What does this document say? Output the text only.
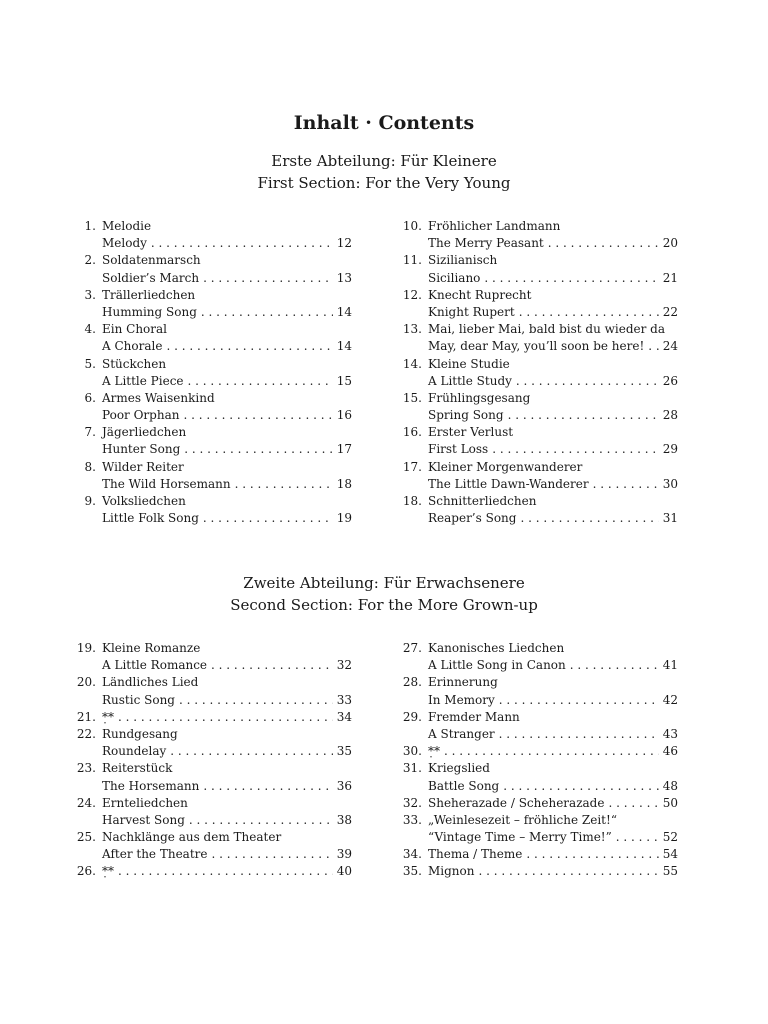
Inhalt · Contents
Erste Abteilung: Für Kleinere
First Section: For the Very Young
1. Melodie
Melody . . .	12
2. Soldatenmarsch
Soldier’s March . . .	13
3. Trällerliedchen
Humming Song . . .	14
4. Ein Choral
A Chorale . . .	14
5. Stückchen
A Little Piece . . .	15
6. Armes Waisenkind
Poor Orphan . . .	16
7. Jägerliedchen
Hunter Song . . .	17
8. Wilder Reiter
The Wild Horsemann . . .	18
9. Volksliedchen
Little Folk Song . . .	19
10. Fröhlicher Landmann
The Merry Peasant . . .	20
11. Sizilianisch
Siciliano . . .	21
12. Knecht Ruprecht
Knight Rupert . . .	22
13. Mai, lieber Mai, bald bist du wieder da
May, dear May, you’ll soon be here! . . . 24
14. Kleine Studie
A Little Study . . .	26
15. Frühlingsgesang
Spring Song . . .	28
16. Erster Verlust
First Loss . . .	29
17. Kleiner Morgenwanderer
The Little Dawn-Wanderer . . .	30
18. Schnitterliedchen
Reaper’s Song . . .	31
Zweite Abteilung: Für Erwachsenere
Second Section: For the More Grown-up
19. Kleine Romanze
A Little Romance . . .	32
20. Ländliches Lied
Rustic Song . . .	33
21. *̣* . . .	34
22. Rundgesang
Roundelay . . .	35
23. Reiterstück
The Horsemann . . .	36
24. Ernteliedchen
Harvest Song . . .	38
25. Nachklänge aus dem Theater
After the Theatre . . .	39
26. *̣* . . .	40
27. Kanonisches Liedchen
A Little Song in Canon . . .	41
28. Erinnerung
In Memory . . .	42
29. Fremder Mann
A Stranger . . .	43
30. *̣* . . .	46
31. Kriegslied
Battle Song . . .	48
32. Sheherazade / Scheherazade . . .	50
33. „Weinlesezeit – fröhliche Zeit!“
“Vintage Time – Merry Time!” . . .	52
34. Thema / Theme . . .	54
35. Mignon . . .	55
